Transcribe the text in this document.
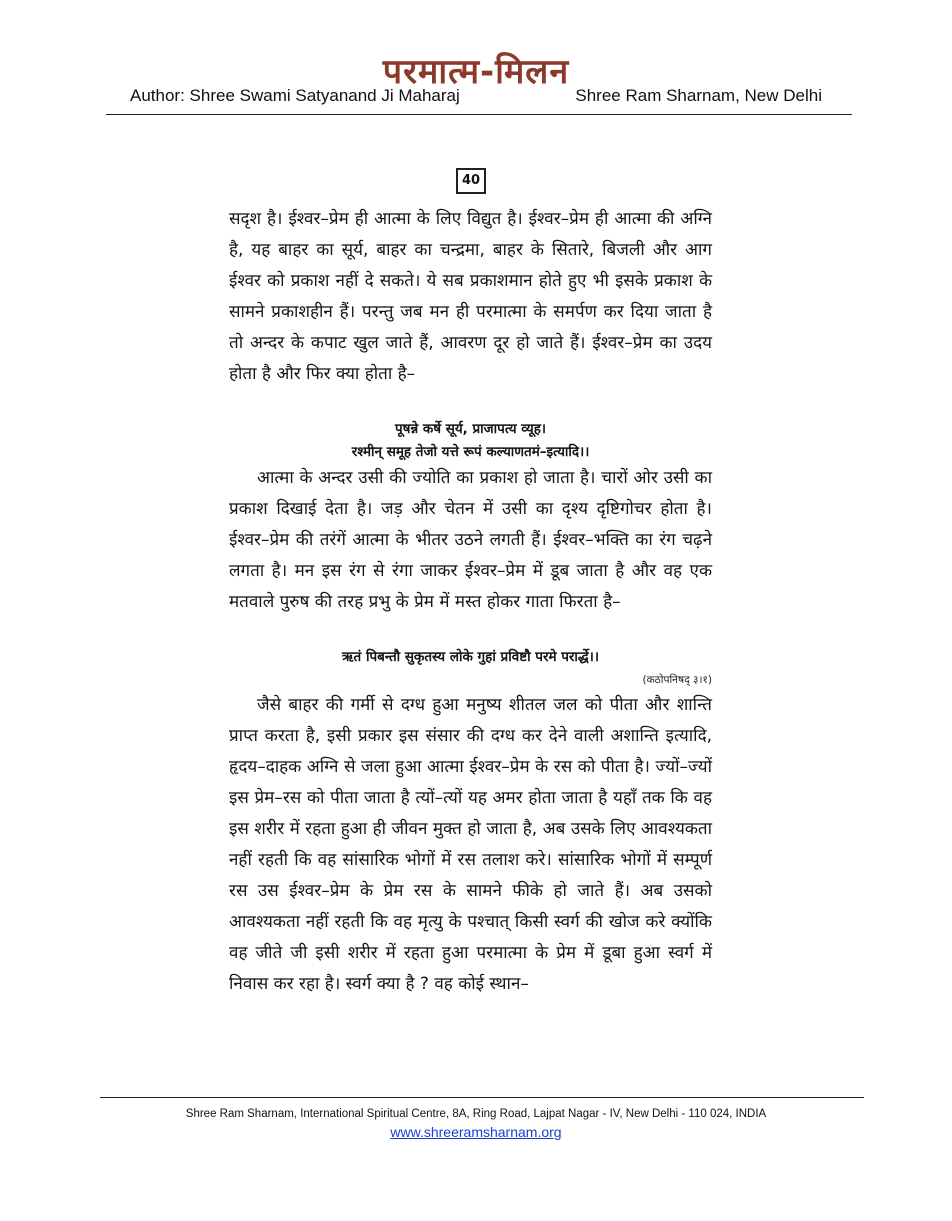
परमात्म-मिलन
Author: Shree Swami Satyanand Ji Maharaj	Shree Ram Sharnam, New Delhi
40
सदृश है। ईश्वर–प्रेम ही आत्मा के लिए विद्युत है। ईश्वर–प्रेम ही आत्मा की अग्नि है, यह बाहर का सूर्य, बाहर का चन्द्रमा, बाहर के सितारे, बिजली और आग ईश्वर को प्रकाश नहीं दे सकते। ये सब प्रकाशमान होते हुए भी इसके प्रकाश के सामने प्रकाशहीन हैं। परन्तु जब मन ही परमात्मा के समर्पण कर दिया जाता है तो अन्दर के कपाट खुल जाते हैं, आवरण दूर हो जाते हैं। ईश्वर–प्रेम का उदय होता है और फिर क्या होता है–
पूषन्ने कर्षे सूर्य, प्राजापत्य व्यूह।
रश्मीन् समूह तेजो यत्ते रूपं कल्याणतमं–इत्यादि।।
आत्मा के अन्दर उसी की ज्योति का प्रकाश हो जाता है। चारों ओर उसी का प्रकाश दिखाई देता है। जड़ और चेतन में उसी का दृश्य दृष्टिगोचर होता है। ईश्वर–प्रेम की तरंगें आत्मा के भीतर उठने लगती हैं। ईश्वर–भक्ति का रंग चढ़ने लगता है। मन इस रंग से रंगा जाकर ईश्वर–प्रेम में डूब जाता है और वह एक मतवाले पुरुष की तरह प्रभु के प्रेम में मस्त होकर गाता फिरता है–
ऋतं पिबन्तौ सुकृतस्य लोके गुहां प्रविष्टौ परमे परार्द्धे।।
(कठोपनिषद् ३।१)
जैसे बाहर की गर्मी से दग्ध हुआ मनुष्य शीतल जल को पीता और शान्ति प्राप्त करता है, इसी प्रकार इस संसार की दग्ध कर देने वाली अशान्ति इत्यादि, हृदय–दाहक अग्नि से जला हुआ आत्मा ईश्वर–प्रेम के रस को पीता है। ज्यों–ज्यों इस प्रेम–रस को पीता जाता है त्यों–त्यों यह अमर होता जाता है यहाँ तक कि वह इस शरीर में रहता हुआ ही जीवन मुक्त हो जाता है, अब उसके लिए आवश्यकता नहीं रहती कि वह सांसारिक भोगों में रस तलाश करे। सांसारिक भोगों में सम्पूर्ण रस उस ईश्वर–प्रेम के प्रेम रस के सामने फीके हो जाते हैं। अब उसको आवश्यकता नहीं रहती कि वह मृत्यु के पश्चात् किसी स्वर्ग की खोज करे क्योंकि वह जीते जी इसी शरीर में रहता हुआ परमात्मा के प्रेम में डूबा हुआ स्वर्ग में निवास कर रहा है। स्वर्ग क्या है ? वह कोई स्थान–
Shree Ram Sharnam, International Spiritual Centre, 8A, Ring Road, Lajpat Nagar - IV, New Delhi - 110 024, INDIA
www.shreeramsharnam.org
